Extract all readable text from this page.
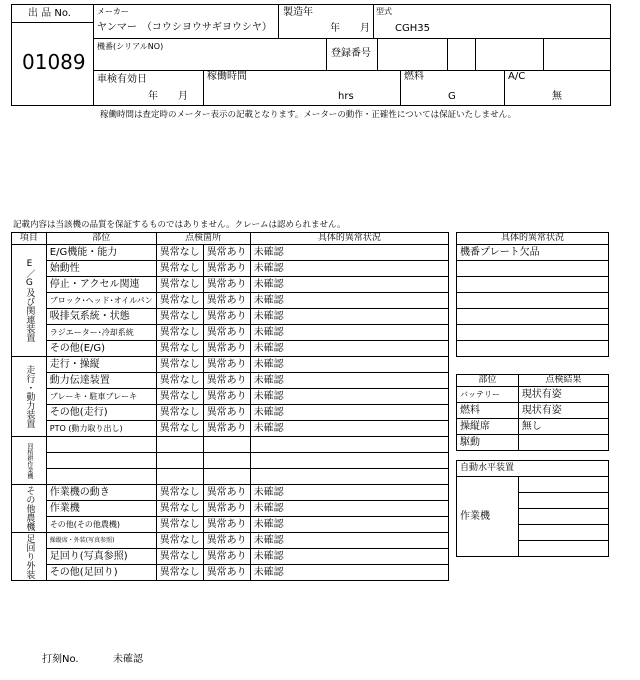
出 品 No.
01089
メーカー
ヤンマー　（コウシヨウサギヨウシヤ）
製造年
年　　月
型式
CGH35
機番(シリアルNO)
登録番号
車検有効日
年　　月
稼働時間
hrs
燃料
G
A/C
無
稼働時間は査定時のメーター表示の記載となります。メーターの動作・正確性については保証いたしません。
記載内容は当該機の品質を保証するものではありません。クレームは認められません。
項目	部位	点検箇所		具体的異常状況
E／G及び関連装置	E/G機能・能力	異常なし	異常あり	未確認
	始動性	異常なし	異常あり	未確認
	停止・アクセル関連	異常なし	異常あり	未確認
	ブロック･ヘッド･オイルパン	異常なし	異常あり	未確認
	吸排気系統・状態	異常なし	異常あり	未確認
	ラジエーター･冷却系統	異常なし	異常あり	未確認
	その他(E/G)	異常なし	異常あり	未確認
走行・動力装置	走行・操縦	異常なし	異常あり	未確認
	動力伝達装置	異常なし	異常あり	未確認
	ブレーキ・駐車ブレーキ	異常なし	異常あり	未確認
	その他(走行)	異常なし	異常あり	未確認
	PTO (動力取り出し)	異常なし	異常あり	未確認
回植耕作業機				

その他農機	作業機の動き	異常なし	異常あり	未確認
	作業機	異常なし	異常あり	未確認
	その他(その他農機)	異常なし	異常あり	未確認
足回り外装	操縦席・外装(写真参照)	異常なし	異常あり	未確認
	足回り(写真参照)	異常なし	異常あり	未確認
	その他(足回り)	異常なし	異常あり	未確認
具体的異常状況
機番プレート欠品

部位	点検結果
バッテリー	現状有姿
燃料	現状有姿
操縦席	無し
駆動	
自動水平装置
作業機	

打刻No.	未確認
